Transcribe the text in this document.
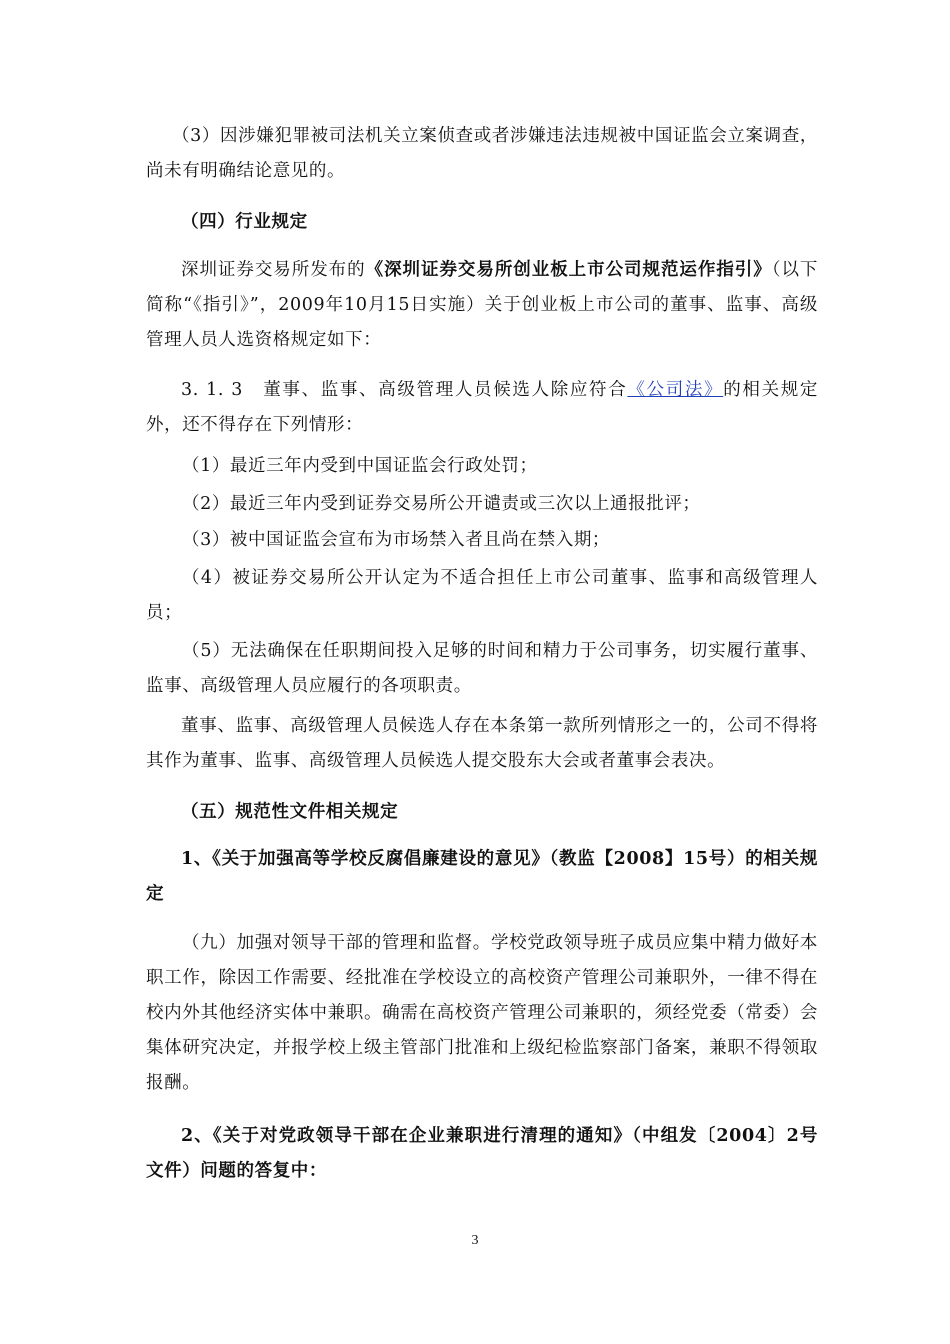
（3）因涉嫌犯罪被司法机关立案侦查或者涉嫌违法违规被中国证监会立案调查，尚未有明确结论意见的。

（四）行业规定

深圳证券交易所发布的《深圳证券交易所创业板上市公司规范运作指引》（以下简称“《指引》”，2009年10月15日实施）关于创业板上市公司的董事、监事、高级管理人员人选资格规定如下：

3. 1. 3　董事、监事、高级管理人员候选人除应符合《公司法》的相关规定外，还不得存在下列情形：

（1）最近三年内受到中国证监会行政处罚；

（2）最近三年内受到证券交易所公开谴责或三次以上通报批评；

（3）被中国证监会宣布为市场禁入者且尚在禁入期；

（4）被证券交易所公开认定为不适合担任上市公司董事、监事和高级管理人员；

（5）无法确保在任职期间投入足够的时间和精力于公司事务，切实履行董事、监事、高级管理人员应履行的各项职责。

董事、监事、高级管理人员候选人存在本条第一款所列情形之一的，公司不得将其作为董事、监事、高级管理人员候选人提交股东大会或者董事会表决。

（五）规范性文件相关规定

1、《关于加强高等学校反腐倡廉建设的意见》（教监【2008】15号）的相关规定

（九）加强对领导干部的管理和监督。学校党政领导班子成员应集中精力做好本职工作，除因工作需要、经批准在学校设立的高校资产管理公司兼职外，一律不得在校内外其他经济实体中兼职。确需在高校资产管理公司兼职的，须经党委（常委）会集体研究决定，并报学校上级主管部门批准和上级纪检监察部门备案，兼职不得领取报酬。

2、《关于对党政领导干部在企业兼职进行清理的通知》（中组发〔2004〕2号文件）问题的答复中：

3
